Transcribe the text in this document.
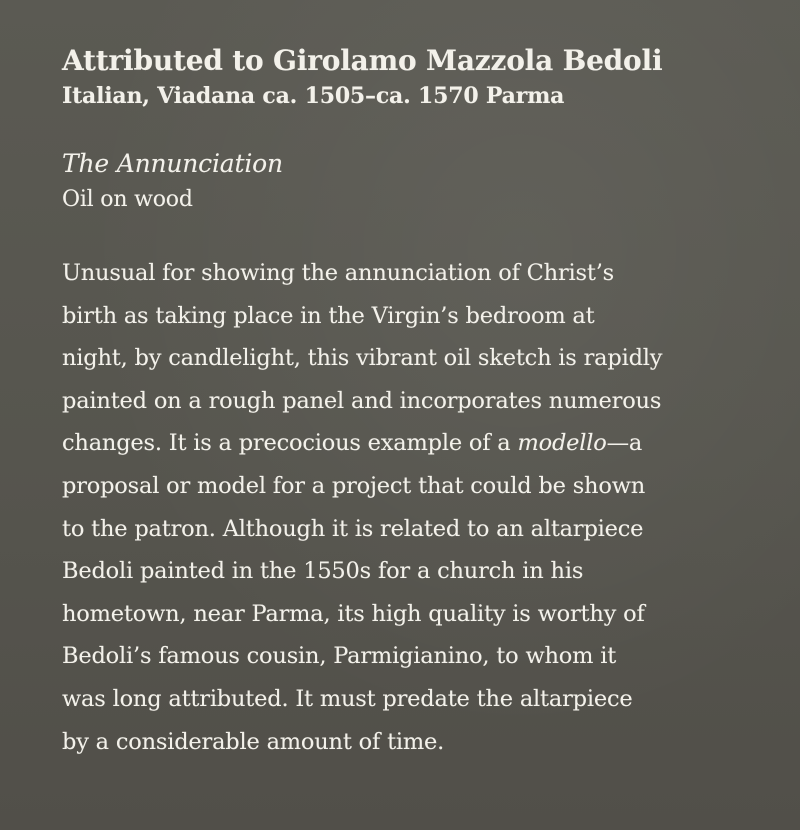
Attributed to Girolamo Mazzola Bedoli
Italian, Viadana ca. 1505–ca. 1570 Parma
The Annunciation
Oil on wood
Unusual for showing the annunciation of Christ’s
birth as taking place in the Virgin’s bedroom at
night, by candlelight, this vibrant oil sketch is rapidly
painted on a rough panel and incorporates numerous
changes. It is a precocious example of a modello—a
proposal or model for a project that could be shown
to the patron. Although it is related to an altarpiece
Bedoli painted in the 1550s for a church in his
hometown, near Parma, its high quality is worthy of
Bedoli’s famous cousin, Parmigianino, to whom it
was long attributed. It must predate the altarpiece
by a considerable amount of time.
